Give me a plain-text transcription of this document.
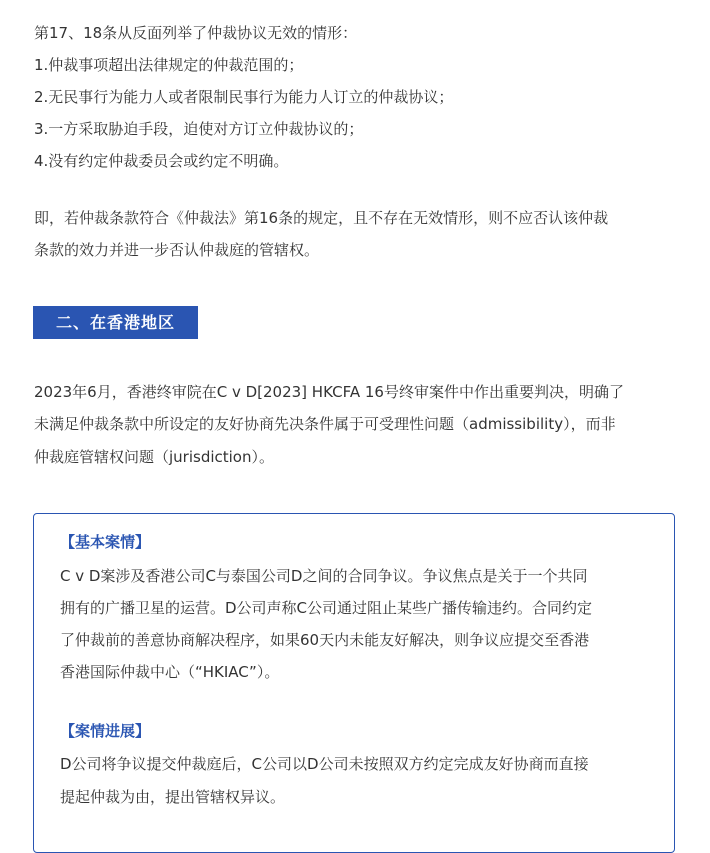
第17、18条从反面列举了仲裁协议无效的情形：
1.仲裁事项超出法律规定的仲裁范围的；
2.无民事行为能力人或者限制民事行为能力人订立的仲裁协议；
3.一方采取胁迫手段，迫使对方订立仲裁协议的；
4.没有约定仲裁委员会或约定不明确。
即，若仲裁条款符合《仲裁法》第16条的规定，且不存在无效情形，则不应否认该仲裁
条款的效力并进一步否认仲裁庭的管辖权。
二、在香港地区
2023年6月，香港终审院在C v D[2023] HKCFA 16号终审案件中作出重要判决，明确了
未满足仲裁条款中所设定的友好协商先决条件属于可受理性问题（admissibility），而非
仲裁庭管辖权问题（jurisdiction）。
【基本案情】
C v D案涉及香港公司C与泰国公司D之间的合同争议。争议焦点是关于一个共同
拥有的广播卫星的运营。D公司声称C公司通过阻止某些广播传输违约。合同约定
了仲裁前的善意协商解决程序，如果60天内未能友好解决，则争议应提交至香港
香港国际仲裁中心（“HKIAC”）。
【案情进展】
D公司将争议提交仲裁庭后，C公司以D公司未按照双方约定完成友好协商而直接
提起仲裁为由，提出管辖权异议。
